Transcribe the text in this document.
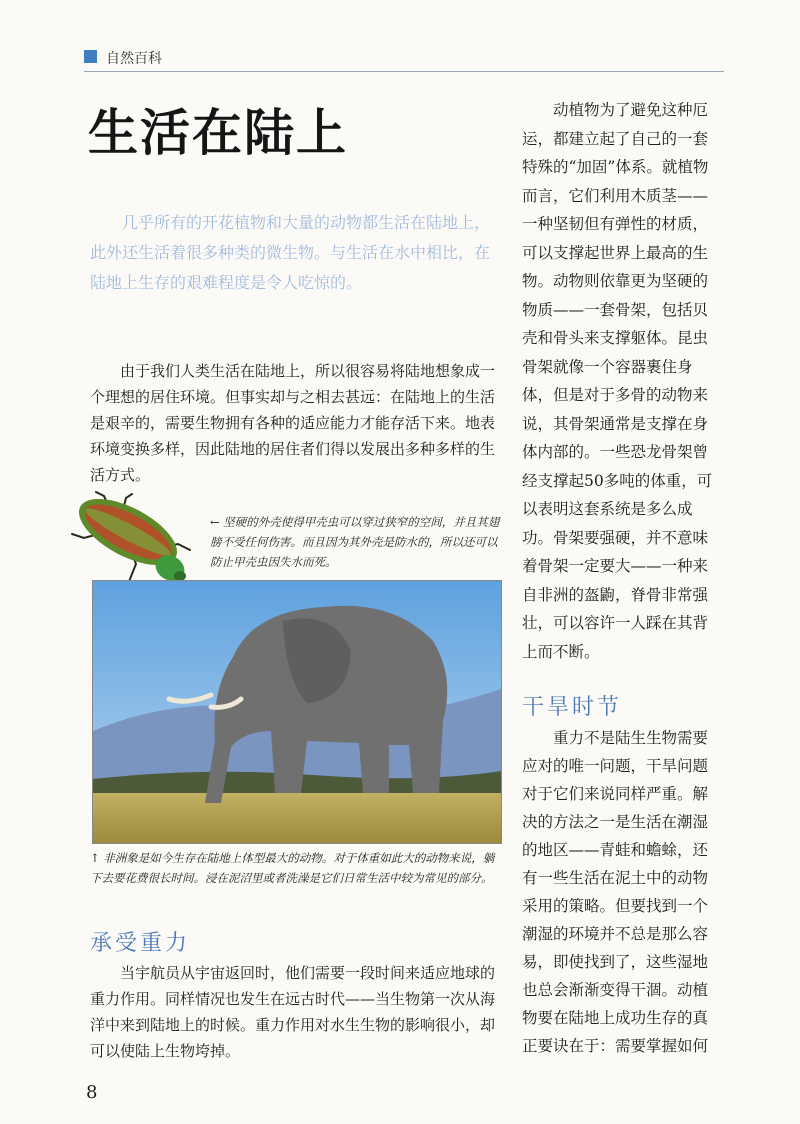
自然百科
生活在陆上

几乎所有的开花植物和大量的动物都生活在陆地上，此外还生活着很多种类的微生物。与生活在水中相比，在陆地上生存的艰难程度是令人吃惊的。

由于我们人类生活在陆地上，所以很容易将陆地想象成一个理想的居住环境。但事实却与之相去甚远：在陆地上的生活是艰辛的，需要生物拥有各种的适应能力才能存活下来。地表环境变换多样，因此陆地的居住者们得以发展出多种多样的生活方式。

← 坚硬的外壳使得甲壳虫可以穿过狭窄的空间，并且其翅膀不受任何伤害。而且因为其外壳是防水的，所以还可以防止甲壳虫因失水而死。

↑ 非洲象是如今生存在陆地上体型最大的动物。对于体重如此大的动物来说，躺下去要花费很长时间。浸在泥沼里或者洗澡是它们日常生活中较为常见的部分。

承受重力

当宇航员从宇宙返回时，他们需要一段时间来适应地球的重力作用。同样情况也发生在远古时代——当生物第一次从海洋中来到陆地上的时候。重力作用对水生生物的影响很小，却可以使陆上生物垮掉。

动植物为了避免这种厄运，都建立起了自己的一套特殊的“加固”体系。就植物而言，它们利用木质茎——一种坚韧但有弹性的材质，可以支撑起世界上最高的生物。动物则依靠更为坚硬的物质——一套骨架，包括贝壳和骨头来支撑躯体。昆虫骨架就像一个容器裹住身体，但是对于多骨的动物来说，其骨架通常是支撑在身体内部的。一些恐龙骨架曾经支撑起50多吨的体重，可以表明这套系统是多么成功。骨架要强硬，并不意味着骨架一定要大——一种来自非洲的盔鼩，脊骨非常强壮，可以容许一人踩在其背上而不断。

干旱时节

重力不是陆生生物需要应对的唯一问题，干旱问题对于它们来说同样严重。解决的方法之一是生活在潮湿的地区——青蛙和蟾蜍，还有一些生活在泥土中的动物采用的策略。但要找到一个潮湿的环境并不总是那么容易，即使找到了，这些湿地也总会渐渐变得干涸。动植物要在陆地上成功生存的真正要诀在于：需要掌握如何

8
